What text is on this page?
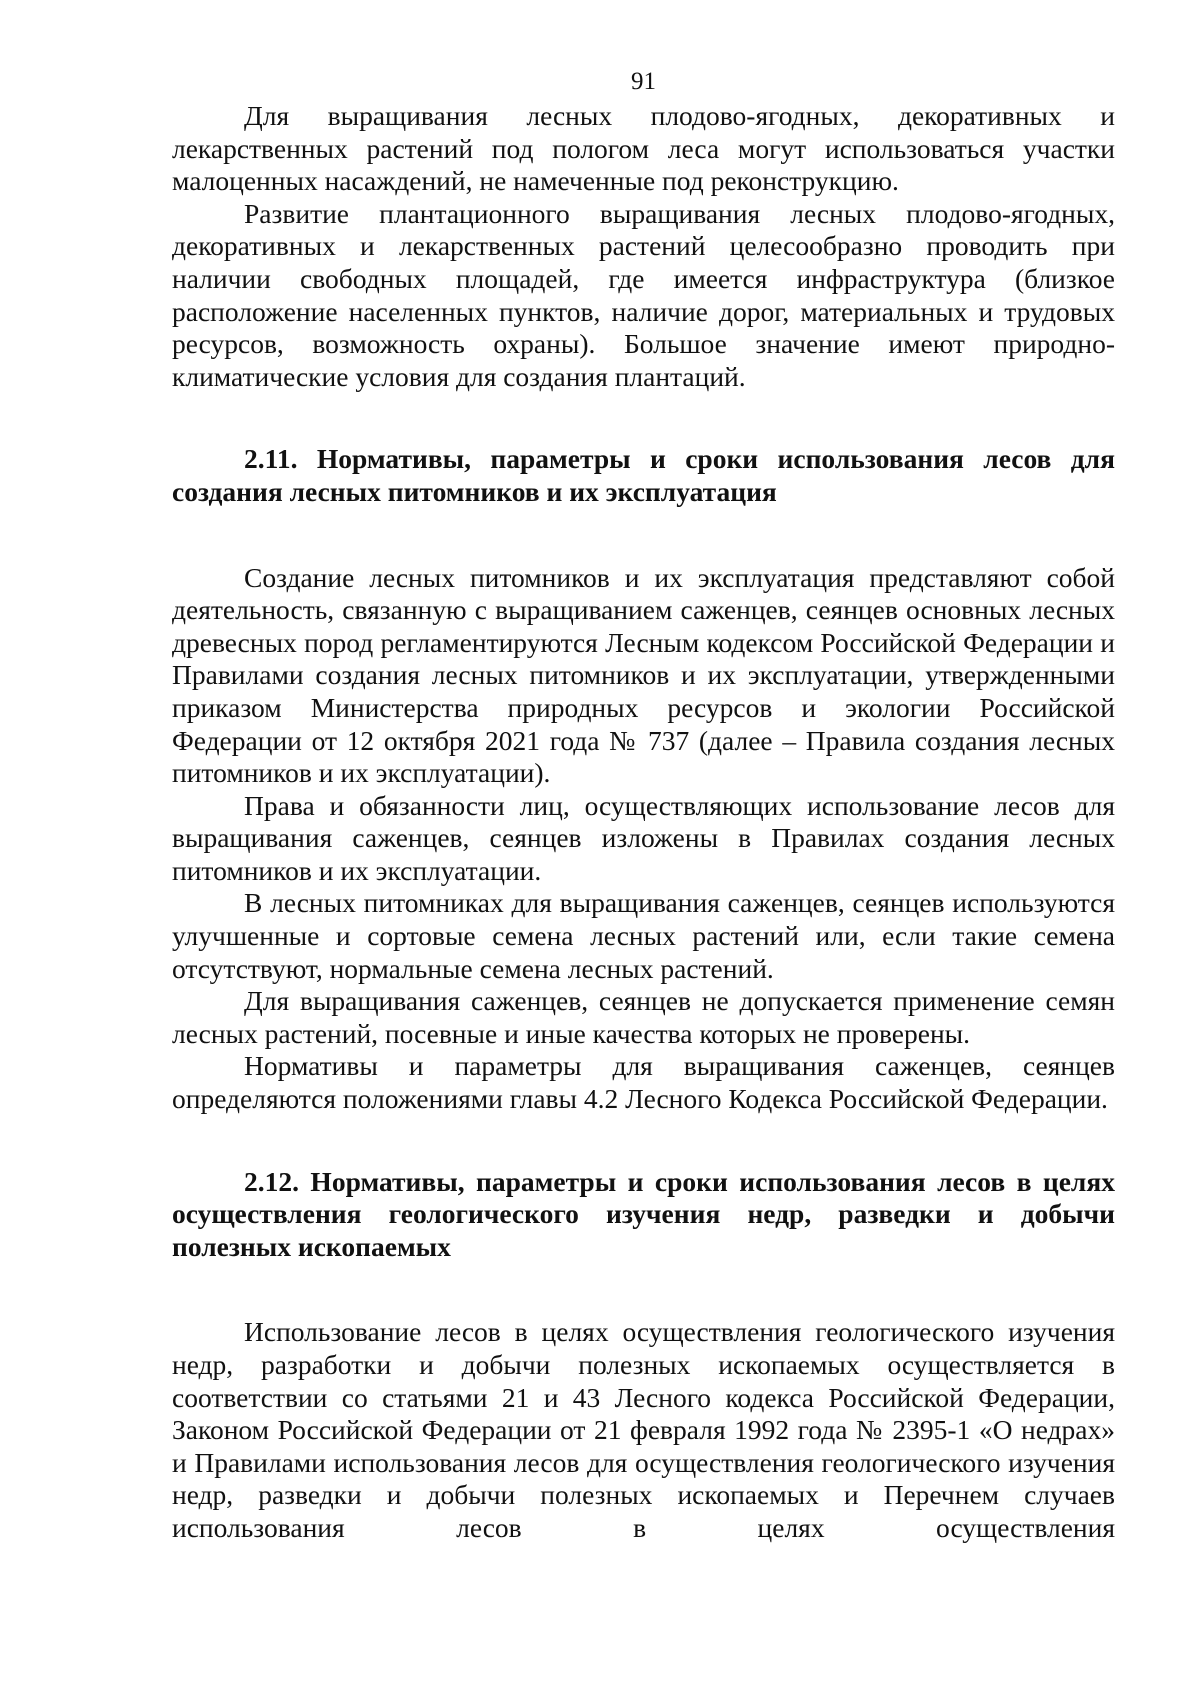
91

Для выращивания лесных плодово-ягодных, декоративных и лекарственных растений под пологом леса могут использоваться участки малоценных насаждений, не намеченные под реконструкцию.

Развитие плантационного выращивания лесных плодово-ягодных, декоративных и лекарственных растений целесообразно проводить при наличии свободных площадей, где имеется инфраструктура (близкое расположение населенных пунктов, наличие дорог, материальных и трудовых ресурсов, возможность охраны). Большое значение имеют природно-климатические условия для создания плантаций.

2.11. Нормативы, параметры и сроки использования лесов для создания лесных питомников и их эксплуатация

Создание лесных питомников и их эксплуатация представляют собой деятельность, связанную с выращиванием саженцев, сеянцев основных лесных древесных пород регламентируются Лесным кодексом Российской Федерации и Правилами создания лесных питомников и их эксплуатации, утвержденными приказом Министерства природных ресурсов и экологии Российской Федерации от 12 октября 2021 года № 737 (далее – Правила создания лесных питомников и их эксплуатации).

Права и обязанности лиц, осуществляющих использование лесов для выращивания саженцев, сеянцев изложены в Правилах создания лесных питомников и их эксплуатации.

В лесных питомниках для выращивания саженцев, сеянцев используются улучшенные и сортовые семена лесных растений или, если такие семена отсутствуют, нормальные семена лесных растений.

Для выращивания саженцев, сеянцев не допускается применение семян лесных растений, посевные и иные качества которых не проверены.

Нормативы и параметры для выращивания саженцев, сеянцев определяются положениями главы 4.2 Лесного Кодекса Российской Федерации.

2.12. Нормативы, параметры и сроки использования лесов в целях осуществления геологического изучения недр, разведки и добычи полезных ископаемых

Использование лесов в целях осуществления геологического изучения недр, разработки и добычи полезных ископаемых осуществляется в соответствии со статьями 21 и 43 Лесного кодекса Российской Федерации, Законом Российской Федерации от 21 февраля 1992 года № 2395-1 «О недрах» и Правилами использования лесов для осуществления геологического изучения недр, разведки и добычи полезных ископаемых и Перечнем случаев использования лесов в целях осуществления
